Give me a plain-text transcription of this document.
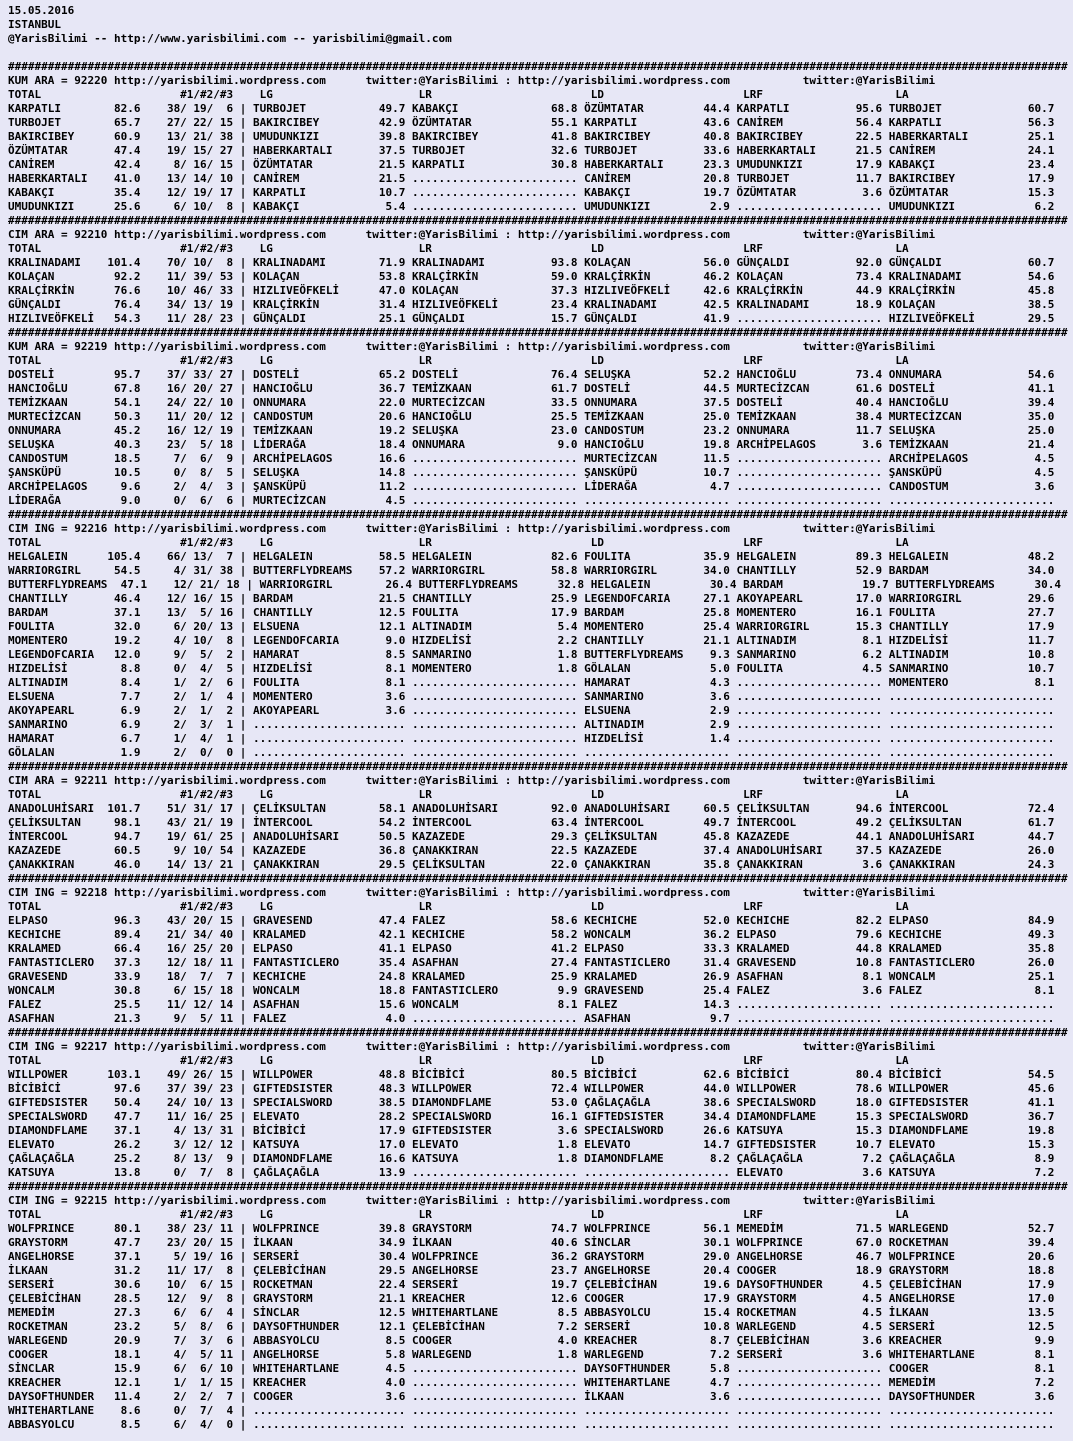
15.05.2016
ISTANBUL
@YarisBilimi -- http://www.yarisbilimi.com -- yarisbilimi@gmail.com
################################################################################################################################################################
KUM ARA = 92220 http://yarisbilimi.wordpress.com      twitter:@YarisBilimi : http://yarisbilimi.wordpress.com           twitter:@YarisBilimi
TOTAL                     #1/#2/#3    LG                      LR                        LD                     LRF                    LA
KARPATLI        82.6    38/ 19/  6 | TURBOJET           49.7 KABAKÇI              68.8 ÖZÜMTATAR         44.4 KARPATLI          95.6 TURBOJET             60.7
TURBOJET        65.7    27/ 22/ 15 | BAKIRCIBEY         42.9 ÖZÜMTATAR            55.1 KARPATLI          43.6 CANİREM           56.4 KARPATLI             56.3
BAKIRCIBEY      60.9    13/ 21/ 38 | UMUDUNKIZI         39.8 BAKIRCIBEY           41.8 BAKIRCIBEY        40.8 BAKIRCIBEY        22.5 HABERKARTALI         25.1
ÖZÜMTATAR       47.4    19/ 15/ 27 | HABERKARTALI       37.5 TURBOJET             32.6 TURBOJET          33.6 HABERKARTALI      21.5 CANİREM              24.1
CANİREM         42.4     8/ 16/ 15 | ÖZÜMTATAR          21.5 KARPATLI             30.8 HABERKARTALI      23.3 UMUDUNKIZI        17.9 KABAKÇI              23.4
HABERKARTALI    41.0    13/ 14/ 10 | CANİREM            21.5 ......................... CANİREM           20.8 TURBOJET          11.7 BAKIRCIBEY           17.9
KABAKÇI         35.4    12/ 19/ 17 | KARPATLI           10.7 ......................... KABAKÇI           19.7 ÖZÜMTATAR          3.6 ÖZÜMTATAR            15.3
UMUDUNKIZI      25.6     6/ 10/  8 | KABAKÇI             5.4 ......................... UMUDUNKIZI         2.9 ...................... UMUDUNKIZI            6.2
################################################################################################################################################################
CIM ARA = 92210 http://yarisbilimi.wordpress.com      twitter:@YarisBilimi : http://yarisbilimi.wordpress.com           twitter:@YarisBilimi
TOTAL                     #1/#2/#3    LG                      LR                        LD                     LRF                    LA
KRALINADAMI    101.4    70/ 10/  8 | KRALINADAMI        71.9 KRALINADAMI          93.8 KOLAÇAN           56.0 GÜNÇALDI          92.0 GÜNÇALDI             60.7
KOLAÇAN         92.2    11/ 39/ 53 | KOLAÇAN            53.8 KRALÇİRKİN           59.0 KRALÇİRKİN        46.2 KOLAÇAN           73.4 KRALINADAMI          54.6
KRALÇİRKİN      76.6    10/ 46/ 33 | HIZLIVEÖFKELİ      47.0 KOLAÇAN              37.3 HIZLIVEÖFKELİ     42.6 KRALÇİRKİN        44.9 KRALÇİRKİN           45.8
GÜNÇALDI        76.4    34/ 13/ 19 | KRALÇİRKİN         31.4 HIZLIVEÖFKELİ        23.4 KRALINADAMI       42.5 KRALINADAMI       18.9 KOLAÇAN              38.5
HIZLIVEÖFKELİ   54.3    11/ 28/ 23 | GÜNÇALDI           25.1 GÜNÇALDI             15.7 GÜNÇALDI          41.9 ...................... HIZLIVEÖFKELİ        29.5
################################################################################################################################################################
KUM ARA = 92219 http://yarisbilimi.wordpress.com      twitter:@YarisBilimi : http://yarisbilimi.wordpress.com           twitter:@YarisBilimi
TOTAL                     #1/#2/#3    LG                      LR                        LD                     LRF                    LA
DOSTELİ         95.7    37/ 33/ 27 | DOSTELİ            65.2 DOSTELİ              76.4 SELUŞKA           52.2 HANCIOĞLU         73.4 ONNUMARA             54.6
HANCIOĞLU       67.8    16/ 20/ 27 | HANCIOĞLU          36.7 TEMİZKAAN            61.7 DOSTELİ           44.5 MURTECİZCAN       61.6 DOSTELİ              41.1
TEMİZKAAN       54.1    24/ 22/ 10 | ONNUMARA           22.0 MURTECİZCAN          33.5 ONNUMARA          37.5 DOSTELİ           40.4 HANCIOĞLU            39.4
MURTECİZCAN     50.3    11/ 20/ 12 | CANDOSTUM          20.6 HANCIOĞLU            25.5 TEMİZKAAN         25.0 TEMİZKAAN         38.4 MURTECİZCAN          35.0
ONNUMARA        45.2    16/ 12/ 19 | TEMİZKAAN          19.2 SELUŞKA              23.0 CANDOSTUM         23.2 ONNUMARA          11.7 SELUŞKA              25.0
SELUŞKA         40.3    23/  5/ 18 | LİDERAĞA           18.4 ONNUMARA              9.0 HANCIOĞLU         19.8 ARCHİPELAGOS       3.6 TEMİZKAAN            21.4
CANDOSTUM       18.5     7/  6/  9 | ARCHİPELAGOS       16.6 ......................... MURTECİZCAN       11.5 ...................... ARCHİPELAGOS          4.5
ŞANSKÜPÜ        10.5     0/  8/  5 | SELUŞKA            14.8 ......................... ŞANSKÜPÜ          10.7 ...................... ŞANSKÜPÜ              4.5
ARCHİPELAGOS     9.6     2/  4/  3 | ŞANSKÜPÜ           11.2 ......................... LİDERAĞA           4.7 ...................... CANDOSTUM             3.6
LİDERAĞA         9.0     0/  6/  6 | MURTECİZCAN         4.5 ......................... ...................... ...................... .........................
################################################################################################################################################################
CIM ING = 92216 http://yarisbilimi.wordpress.com      twitter:@YarisBilimi : http://yarisbilimi.wordpress.com           twitter:@YarisBilimi
TOTAL                     #1/#2/#3    LG                      LR                        LD                     LRF                    LA
HELGALEIN      105.4    66/ 13/  7 | HELGALEIN          58.5 HELGALEIN            82.6 FOULITA           35.9 HELGALEIN         89.3 HELGALEIN            48.2
WARRIORGIRL     54.5     4/ 31/ 38 | BUTTERFLYDREAMS    57.2 WARRIORGIRL          58.8 WARRIORGIRL       34.0 CHANTILLY         52.9 BARDAM               34.0
BUTTERFLYDREAMS  47.1    12/ 21/ 18 | WARRIORGIRL        26.4 BUTTERFLYDREAMS      32.8 HELGALEIN         30.4 BARDAM            19.7 BUTTERFLYDREAMS      30.4
CHANTILLY       46.4    12/ 16/ 15 | BARDAM             21.5 CHANTILLY            25.9 LEGENDOFCARIA     27.1 AKOYAPEARL        17.0 WARRIORGIRL          29.6
BARDAM          37.1    13/  5/ 16 | CHANTILLY          12.5 FOULITA              17.9 BARDAM            25.8 MOMENTERO         16.1 FOULITA              27.7
FOULITA         32.0     6/ 20/ 13 | ELSUENA            12.1 ALTINADIM             5.4 MOMENTERO         25.4 WARRIORGIRL       15.3 CHANTILLY            17.9
MOMENTERO       19.2     4/ 10/  8 | LEGENDOFCARIA       9.0 HIZDELİSİ             2.2 CHANTILLY         21.1 ALTINADIM          8.1 HIZDELİSİ            11.7
LEGENDOFCARIA   12.0     9/  5/  2 | HAMARAT             8.5 SANMARINO             1.8 BUTTERFLYDREAMS    9.3 SANMARINO          6.2 ALTINADIM            10.8
HIZDELİSİ        8.8     0/  4/  5 | HIZDELİSİ           8.1 MOMENTERO             1.8 GÖLALAN            5.0 FOULITA            4.5 SANMARINO            10.7
ALTINADIM        8.4     1/  2/  6 | FOULITA             8.1 ......................... HAMARAT            4.3 ...................... MOMENTERO             8.1
ELSUENA          7.7     2/  1/  4 | MOMENTERO           3.6 ......................... SANMARINO          3.6 ...................... .........................
AKOYAPEARL       6.9     2/  1/  2 | AKOYAPEARL          3.6 ......................... ELSUENA            2.9 ...................... .........................
SANMARINO        6.9     2/  3/  1 | ....................... ......................... ALTINADIM          2.9 ...................... .........................
HAMARAT          6.7     1/  4/  1 | ....................... ......................... HIZDELİSİ          1.4 ...................... .........................
GÖLALAN          1.9     2/  0/  0 | ....................... ......................... ...................... ...................... .........................
################################################################################################################################################################
CIM ARA = 92211 http://yarisbilimi.wordpress.com      twitter:@YarisBilimi : http://yarisbilimi.wordpress.com           twitter:@YarisBilimi
TOTAL                     #1/#2/#3    LG                      LR                        LD                     LRF                    LA
ANADOLUHİSARI  101.7    51/ 31/ 17 | ÇELİKSULTAN        58.1 ANADOLUHİSARI        92.0 ANADOLUHİSARI     60.5 ÇELİKSULTAN       94.6 İNTERCOOL            72.4
ÇELİKSULTAN     98.1    43/ 21/ 19 | İNTERCOOL          54.2 İNTERCOOL            63.4 İNTERCOOL         49.7 İNTERCOOL         49.2 ÇELİKSULTAN          61.7
İNTERCOOL       94.7    19/ 61/ 25 | ANADOLUHİSARI      50.5 KAZAZEDE             29.3 ÇELİKSULTAN       45.8 KAZAZEDE          44.1 ANADOLUHİSARI        44.7
KAZAZEDE        60.5     9/ 10/ 54 | KAZAZEDE           36.8 ÇANAKKIRAN           22.5 KAZAZEDE          37.4 ANADOLUHİSARI     37.5 KAZAZEDE             26.0
ÇANAKKIRAN      46.0    14/ 13/ 21 | ÇANAKKIRAN         29.5 ÇELİKSULTAN          22.0 ÇANAKKIRAN        35.8 ÇANAKKIRAN         3.6 ÇANAKKIRAN           24.3
################################################################################################################################################################
CIM ING = 92218 http://yarisbilimi.wordpress.com      twitter:@YarisBilimi : http://yarisbilimi.wordpress.com           twitter:@YarisBilimi
TOTAL                     #1/#2/#3    LG                      LR                        LD                     LRF                    LA
ELPASO          96.3    43/ 20/ 15 | GRAVESEND          47.4 FALEZ                58.6 KECHICHE          52.0 KECHICHE          82.2 ELPASO               84.9
KECHICHE        89.4    21/ 34/ 40 | KRALAMED           42.1 KECHICHE             58.2 WONCALM           36.2 ELPASO            79.6 KECHICHE             49.3
KRALAMED        66.4    16/ 25/ 20 | ELPASO             41.1 ELPASO               41.2 ELPASO            33.3 KRALAMED          44.8 KRALAMED             35.8
FANTASTICLERO   37.3    12/ 18/ 11 | FANTASTICLERO      35.4 ASAFHAN              27.4 FANTASTICLERO     31.4 GRAVESEND         10.8 FANTASTICLERO        26.0
GRAVESEND       33.9    18/  7/  7 | KECHICHE           24.8 KRALAMED             25.9 KRALAMED          26.9 ASAFHAN            8.1 WONCALM              25.1
WONCALM         30.8     6/ 15/ 18 | WONCALM            18.8 FANTASTICLERO         9.9 GRAVESEND         25.4 FALEZ              3.6 FALEZ                 8.1
FALEZ           25.5    11/ 12/ 14 | ASAFHAN            15.6 WONCALM               8.1 FALEZ             14.3 ...................... .........................
ASAFHAN         21.3     9/  5/ 11 | FALEZ               4.0 ......................... ASAFHAN            9.7 ...................... .........................
################################################################################################################################################################
CIM ING = 92217 http://yarisbilimi.wordpress.com      twitter:@YarisBilimi : http://yarisbilimi.wordpress.com           twitter:@YarisBilimi
TOTAL                     #1/#2/#3    LG                      LR                        LD                     LRF                    LA
WILLPOWER      103.1    49/ 26/ 15 | WILLPOWER          48.8 BİCİBİCİ             80.5 BİCİBİCİ          62.6 BİCİBİCİ          80.4 BİCİBİCİ             54.5
BİCİBİCİ        97.6    37/ 39/ 23 | GIFTEDSISTER       48.3 WILLPOWER            72.4 WILLPOWER         44.0 WILLPOWER         78.6 WILLPOWER            45.6
GIFTEDSISTER    50.4    24/ 10/ 13 | SPECIALSWORD       38.5 DIAMONDFLAME         53.0 ÇAĞLAÇAĞLA        38.6 SPECIALSWORD      18.0 GIFTEDSISTER         41.1
SPECIALSWORD    47.7    11/ 16/ 25 | ELEVATO            28.2 SPECIALSWORD         16.1 GIFTEDSISTER      34.4 DIAMONDFLAME      15.3 SPECIALSWORD         36.7
DIAMONDFLAME    37.1     4/ 13/ 31 | BİCİBİCİ           17.9 GIFTEDSISTER          3.6 SPECIALSWORD      26.6 KATSUYA           15.3 DIAMONDFLAME         19.8
ELEVATO         26.2     3/ 12/ 12 | KATSUYA            17.0 ELEVATO               1.8 ELEVATO           14.7 GIFTEDSISTER      10.7 ELEVATO              15.3
ÇAĞLAÇAĞLA      25.2     8/ 13/  9 | DIAMONDFLAME       16.6 KATSUYA               1.8 DIAMONDFLAME       8.2 ÇAĞLAÇAĞLA         7.2 ÇAĞLAÇAĞLA            8.9
KATSUYA         13.8     0/  7/  8 | ÇAĞLAÇAĞLA         13.9 ......................... ...................... ELEVATO            3.6 KATSUYA               7.2
################################################################################################################################################################
CIM ING = 92215 http://yarisbilimi.wordpress.com      twitter:@YarisBilimi : http://yarisbilimi.wordpress.com           twitter:@YarisBilimi
TOTAL                     #1/#2/#3    LG                      LR                        LD                     LRF                    LA
WOLFPRINCE      80.1    38/ 23/ 11 | WOLFPRINCE         39.8 GRAYSTORM            74.7 WOLFPRINCE        56.1 MEMEDİM           71.5 WARLEGEND            52.7
GRAYSTORM       47.7    23/ 20/ 15 | İLKAAN             34.9 İLKAAN               40.6 SİNCLAR           30.1 WOLFPRINCE        67.0 ROCKETMAN            39.4
ANGELHORSE      37.1     5/ 19/ 16 | SERSERİ            30.4 WOLFPRINCE           36.2 GRAYSTORM         29.0 ANGELHORSE        46.7 WOLFPRINCE           20.6
İLKAAN          31.2    11/ 17/  8 | ÇELEBİCİHAN        29.5 ANGELHORSE           23.7 ANGELHORSE        20.4 COOGER            18.9 GRAYSTORM            18.8
SERSERİ         30.6    10/  6/ 15 | ROCKETMAN          22.4 SERSERİ              19.7 ÇELEBİCİHAN       19.6 DAYSOFTHUNDER      4.5 ÇELEBİCİHAN          17.9
ÇELEBİCİHAN     28.5    12/  9/  8 | GRAYSTORM          21.1 KREACHER             12.6 COOGER            17.9 GRAYSTORM          4.5 ANGELHORSE           17.0
MEMEDİM         27.3     6/  6/  4 | SİNCLAR            12.5 WHITEHARTLANE         8.5 ABBASYOLCU        15.4 ROCKETMAN          4.5 İLKAAN               13.5
ROCKETMAN       23.2     5/  8/  6 | DAYSOFTHUNDER      12.1 ÇELEBİCİHAN           7.2 SERSERİ           10.8 WARLEGEND          4.5 SERSERİ              12.5
WARLEGEND       20.9     7/  3/  6 | ABBASYOLCU          8.5 COOGER                4.0 KREACHER           8.7 ÇELEBİCİHAN        3.6 KREACHER              9.9
COOGER          18.1     4/  5/ 11 | ANGELHORSE          5.8 WARLEGEND             1.8 WARLEGEND          7.2 SERSERİ            3.6 WHITEHARTLANE         8.1
SİNCLAR         15.9     6/  6/ 10 | WHITEHARTLANE       4.5 ......................... DAYSOFTHUNDER      5.8 ...................... COOGER                8.1
KREACHER        12.1     1/  1/ 15 | KREACHER            4.0 ......................... WHITEHARTLANE      4.7 ...................... MEMEDİM               7.2
DAYSOFTHUNDER   11.4     2/  2/  7 | COOGER              3.6 ......................... İLKAAN             3.6 ...................... DAYSOFTHUNDER         3.6
WHITEHARTLANE    8.6     0/  7/  4 | ....................... ......................... ...................... ...................... .........................
ABBASYOLCU       8.5     6/  4/  0 | ....................... ......................... ...................... ...................... .........................
